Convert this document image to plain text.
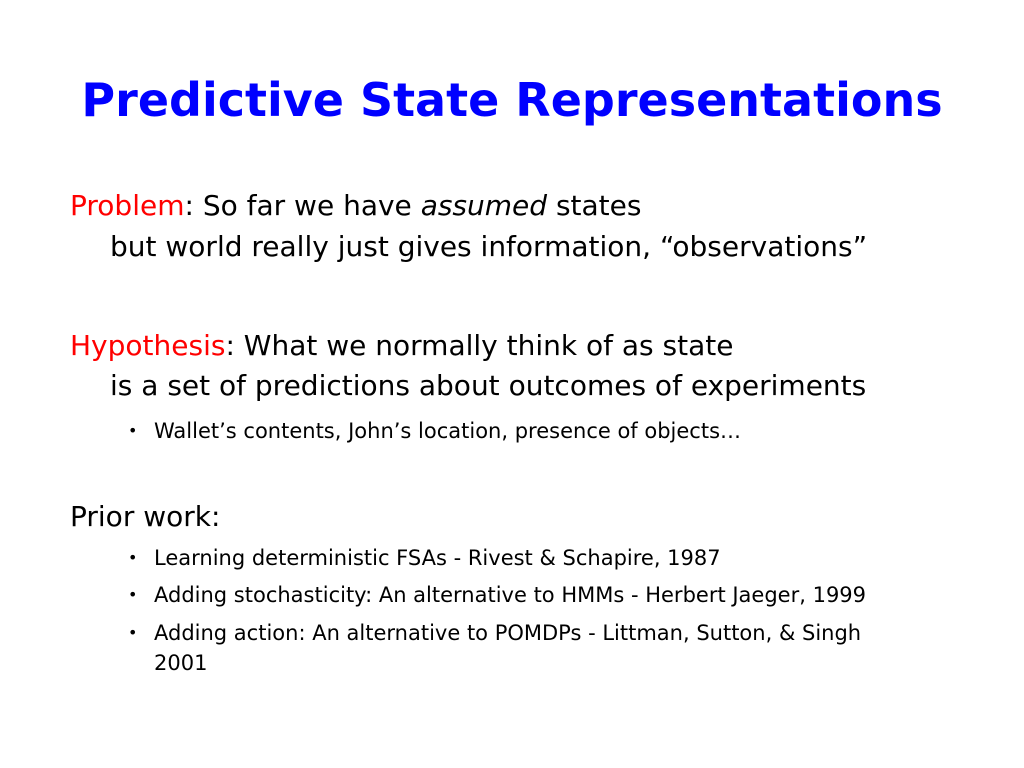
Predictive State Representations
Problem: So far we have assumed states
but world really just gives information, “observations”
Hypothesis: What we normally think of as state
is a set of predictions about outcomes of experiments
• Wallet’s contents, John’s location, presence of objects…
Prior work:
• Learning deterministic FSAs - Rivest & Schapire, 1987
• Adding stochasticity: An alternative to HMMs - Herbert Jaeger, 1999
• Adding action: An alternative to POMDPs - Littman, Sutton, & Singh
2001
